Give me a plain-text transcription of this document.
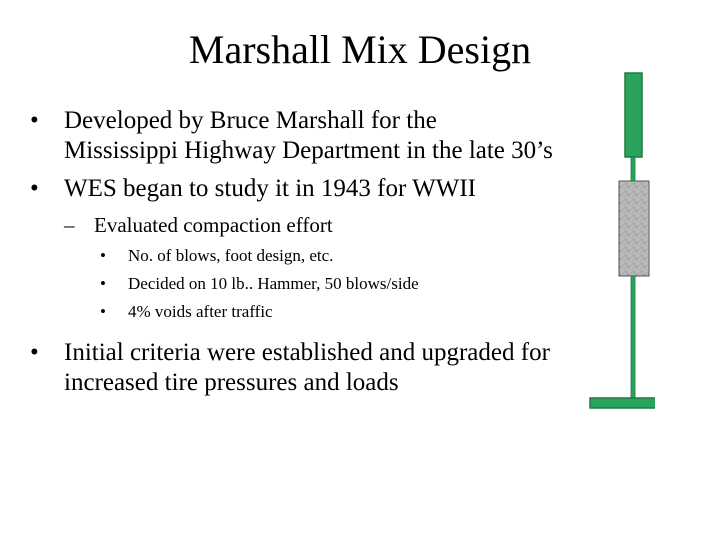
Marshall Mix Design
•	Developed by Bruce Marshall for the Mississippi Highway Department in the late 30’s
•	WES began to study it in 1943 for WWII
– Evaluated compaction effort
•	No. of blows, foot design, etc.
•	Decided on 10 lb.. Hammer, 50 blows/side
•	4% voids after traffic
•	Initial criteria were established and upgraded for increased tire pressures and loads
